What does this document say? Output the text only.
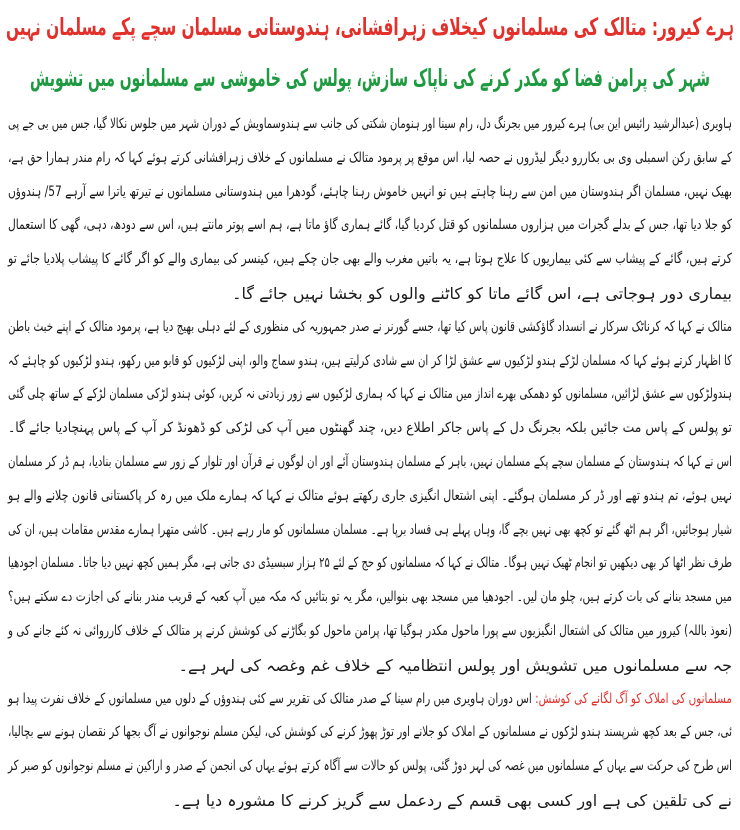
ہرے کیرور: متالک کی مسلمانوں کیخلاف زہرافشانی، ہندوستانی مسلمان سچے پکے مسلمان نہیں
شہر کی پرامن فضا کو مکدر کرنے کی ناپاک سازش، پولس کی خاموشی سے مسلمانوں میں تشویش
ہاویری (عبدالرشید رائیس این بی) ہرے کیرور میں بجرنگ دل، رام سینا اور ہنومان شکتی کی جانب سے ہندوسماویش کے دوران شہر میں جلوس نکالا گیا، جس میں بی جے پی
کے سابق رکن اسمبلی وی بی بکاررو دیگر لیڈروں نے حصہ لیا، اس موقع پر پرمود متالک نے مسلمانوں کے خلاف زہرافشانی کرتے ہوئے کہا کہ رام مندر ہمارا حق ہے،
بھیک نہیں، مسلمان اگر ہندوستان میں امن سے رہنا چاہتے ہیں تو انہیں خاموش رہنا چاہئے، گودھرا میں ہندوستانی مسلمانوں نے تیرتھ یاترا سے آرہے 57/ ہندوؤں
کو جلا دیا تھا، جس کے بدلے گجرات میں ہزاروں مسلمانوں کو قتل کردیا گیا، گائے ہماری گاؤ ماتا ہے، ہم اسے پوتر مانتے ہیں، اس سے دودھ، دہی، گھی کا استعمال
کرتے ہیں، گائے کے پیشاب سے کئی بیماریوں کا علاج ہوتا ہے، یہ باتیں مغرب والے بھی جان چکے ہیں، کینسر کی بیماری والے کو اگر گائے کا پیشاب پلادیا جائے تو
بیماری دور ہوجاتی ہے، اس گائے ماتا کو کاٹنے والوں کو بخشا نہیں جائے گا۔
متالک نے کہا کہ کرناٹک سرکار نے انسداد گاؤکشی قانون پاس کیا تھا، جسے گورنر نے صدر جمہوریہ کی منظوری کے لئے دہلی بھیج دیا ہے، پرمود متالک کے اپنے خبث باطن
کا اظہار کرتے ہوئے کہا کہ مسلمان لڑکے ہندو لڑکیوں سے عشق لڑا کر ان سے شادی کرلیتے ہیں، ہندو سماج والو، اپنی لڑکیوں کو قابو میں رکھو، ہندو لڑکیوں کو چاہئے کہ
ہندولڑکوں سے عشق لڑائیں، مسلمانوں کو دھمکی بھرے انداز میں متالک نے کہا کہ ہماری لڑکیوں سے زور زیادتی نہ کریں، کوئی ہندو لڑکی مسلمان لڑکے کے ساتھ چلی گئی
تو پولس کے پاس مت جائیں بلکہ بجرنگ دل کے پاس جاکر اطلاع دیں، چند گھنٹوں میں آپ کی لڑکی کو ڈھونڈ کر آپ کے پاس پہنچادیا جائے گا۔
اس نے کہا کہ ہندوستان کے مسلمان سچے پکے مسلمان نہیں، باہر کے مسلمان ہندوستان آئے اور ان لوگوں نے قرآن اور تلوار کے زور سے مسلمان بنادیا، ہم ڈر کر مسلمان
نہیں ہوئے، تم ہندو تھے اور ڈر کر مسلمان ہوگئے۔ اپنی اشتعال انگیزی جاری رکھتے ہوئے متالک نے کہا کہ ہمارے ملک میں رہ کر پاکستانی قانون چلانے والے ہو
شیار ہوجائیں، اگر ہم اٹھ گئے تو کچھ بھی نہیں بچے گا، وہاں پہلے ہی فساد برپا ہے۔ مسلمان مسلمانوں کو مار رہے ہیں۔ کاشی متھرا ہمارے مقدس مقامات ہیں، ان کی
طرف نظر اٹھا کر بھی دیکھیں تو انجام ٹھیک نہیں ہوگا۔ متالک نے کہا کہ مسلمانوں کو حج کے لئے ۲۵ ہزار سبسیڈی دی جاتی ہے، مگر ہمیں کچھ نہیں دیا جاتا۔ مسلمان اجودھیا
میں مسجد بنانے کی بات کرتے ہیں، چلو مان لیں۔ اجودھیا میں مسجد بھی بنوالیں، مگر یہ تو بتائیں کہ مکہ میں آپ کعبہ کے قریب مندر بنانے کی اجازت دے سکتے ہیں؟
(نعوذ باللہ) کیرور میں متالک کی اشتعال انگیزیوں سے پورا ماحول مکدر ہوگیا تھا، پرامن ماحول کو بگاڑنے کی کوشش کرنے پر متالک کے خلاف کارروائی نہ کئے جانے کی و
جہ سے مسلمانوں میں تشویش اور پولس انتظامیہ کے خلاف غم وغصہ کی لہر ہے۔
مسلمانوں کی املاک کو آگ لگانے کی کوشش: اس دوران ہاویری میں رام سینا کے صدر متالک کی تقریر سے کئی ہندوؤں کے دلوں میں مسلمانوں کے خلاف نفرت پیدا ہو
ئی، جس کے بعد کچھ شرپسند ہندو لڑکوں نے مسلمانوں کے املاک کو جلانے اور توڑ پھوڑ کرنے کی کوشش کی، لیکن مسلم نوجوانوں نے آگ بجھا کر نقصان ہونے سے بچالیا،
اس طرح کی حرکت سے یہاں کے مسلمانوں میں غصہ کی لہر دوڑ گئی، پولس کو حالات سے آگاہ کرتے ہوئے یہاں کی انجمن کے صدر و اراکین نے مسلم نوجوانوں کو صبر کر
نے کی تلقین کی ہے اور کسی بھی قسم کے ردعمل سے گریز کرنے کا مشورہ دیا ہے۔
